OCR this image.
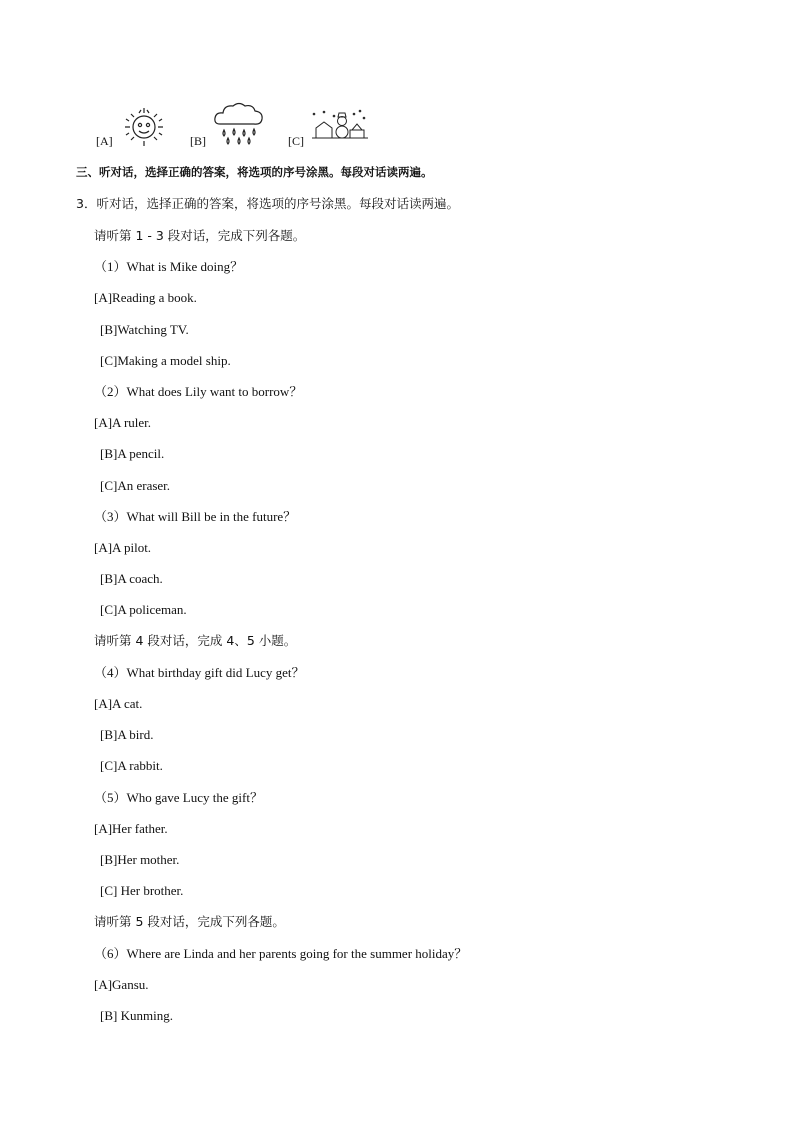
[A]	[B]	[C]
三、听对话，选择正确的答案，将选项的序号涂黑。每段对话读两遍。
3．听对话，选择正确的答案，将选项的序号涂黑。每段对话读两遍。
请听第 1 - 3 段对话，完成下列各题。
（1）What is Mike doing？
[A]Reading a book.
[B]Watching TV.
[C]Making a model ship.
（2）What does Lily want to borrow？
[A]A ruler.
[B]A pencil.
[C]An eraser.
（3）What will Bill be in the future？
[A]A pilot.
[B]A coach.
[C]A policeman.
请听第 4 段对话，完成 4、5 小题。
（4）What birthday gift did Lucy get？
[A]A cat.
[B]A bird.
[C]A rabbit.
（5）Who gave Lucy the gift？
[A]Her father.
[B]Her mother.
[C] Her brother.
请听第 5 段对话，完成下列各题。
（6）Where are Linda and her parents going for the summer holiday？
[A]Gansu.
[B] Kunming.
